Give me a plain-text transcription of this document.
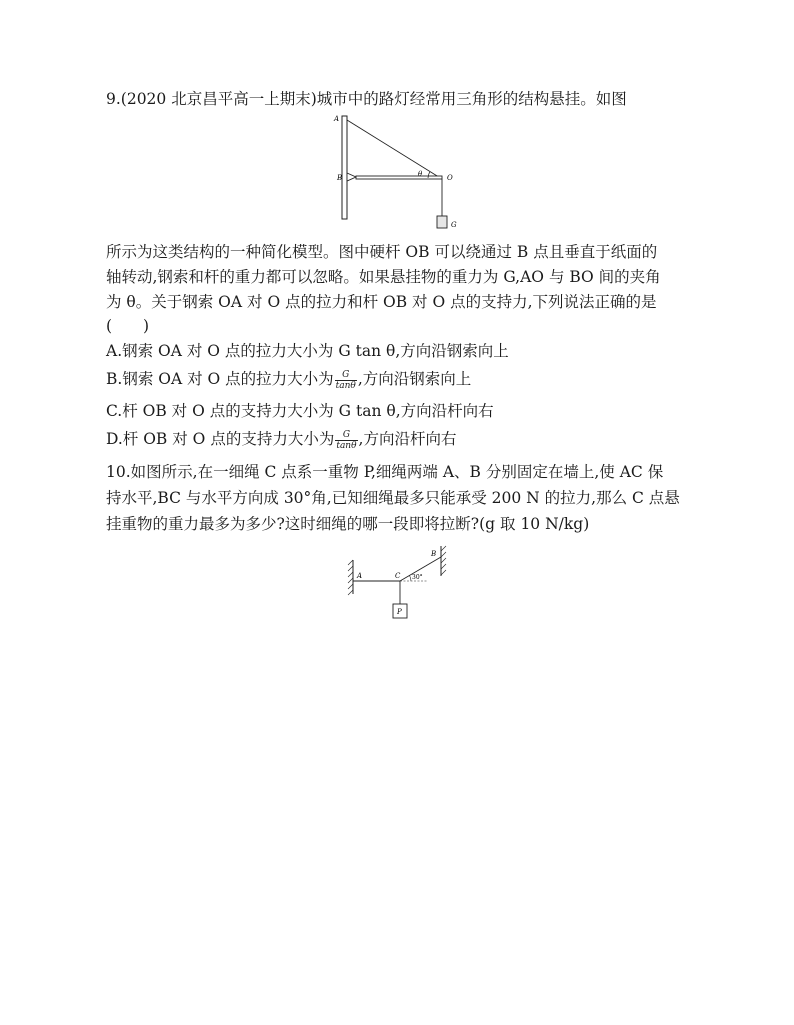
9.(2020 北京昌平高一上期末)城市中的路灯经常用三角形的结构悬挂。如图
A
B	θ	O
G
所示为这类结构的一种简化模型。图中硬杆 OB 可以绕通过 B 点且垂直于纸面的
轴转动,钢索和杆的重力都可以忽略。如果悬挂物的重力为 G,AO 与 BO 间的夹角
为 θ。关于钢索 OA 对 O 点的拉力和杆 OB 对 O 点的支持力,下列说法正确的是
(　　)
A.钢索 OA 对 O 点的拉力大小为 G tan θ,方向沿钢索向上
B.钢索 OA 对 O 点的拉力大小为 $\frac{G}{\tan\theta}$ ,方向沿钢索向上
C.杆 OB 对 O 点的支持力大小为 G tan θ,方向沿杆向右
D.杆 OB 对 O 点的支持力大小为 $\frac{G}{\tan\theta}$ ,方向沿杆向右
10.如图所示,在一细绳 C 点系一重物 P,细绳两端 A、B 分别固定在墙上,使 AC 保
持水平,BC 与水平方向成 30°角,已知细绳最多只能承受 200 N 的拉力,那么 C 点悬
挂重物的重力最多为多少?这时细绳的哪一段即将拉断?(g 取 10 N/kg)
A	C 30°
B
P
